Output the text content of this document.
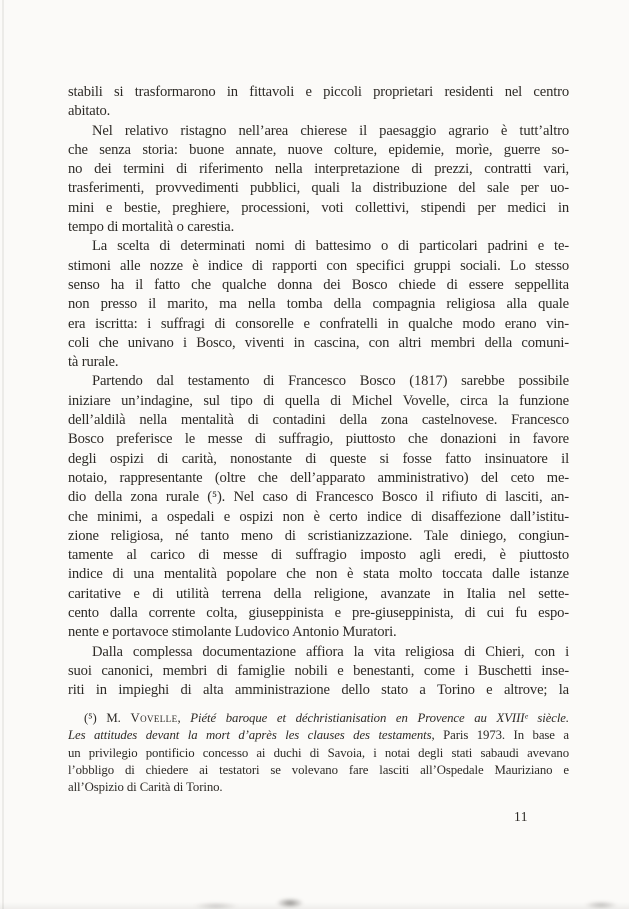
stabili si trasformarono in fittavoli e piccoli proprietari residenti nel centro
abitato.

Nel relativo ristagno nell’area chierese il paesaggio agrario è tutt’altro
che senza storia: buone annate, nuove colture, epidemie, morìe, guerre so-
no dei termini di riferimento nella interpretazione di prezzi, contratti vari,
trasferimenti, provvedimenti pubblici, quali la distribuzione del sale per uo-
mini e bestie, preghiere, processioni, voti collettivi, stipendi per medici in
tempo di mortalità o carestia.

La scelta di determinati nomi di battesimo o di particolari padrini e te-
stimoni alle nozze è indice di rapporti con specifici gruppi sociali. Lo stesso
senso ha il fatto che qualche donna dei Bosco chiede di essere seppellita
non presso il marito, ma nella tomba della compagnia religiosa alla quale
era iscritta: i suffragi di consorelle e confratelli in qualche modo erano vin-
coli che univano i Bosco, viventi in cascina, con altri membri della comuni-
tà rurale.

Partendo dal testamento di Francesco Bosco (1817) sarebbe possibile
iniziare un’indagine, sul tipo di quella di Michel Vovelle, circa la funzione
dell’aldilà nella mentalità di contadini della zona castelnovese. Francesco
Bosco preferisce le messe di suffragio, piuttosto che donazioni in favore
degli ospizi di carità, nonostante di queste si fosse fatto insinuatore il
notaio, rappresentante (oltre che dell’apparato amministrativo) del ceto me-
dio della zona rurale (⁵). Nel caso di Francesco Bosco il rifiuto di lasciti, an-
che minimi, a ospedali e ospizi non è certo indice di disaffezione dall’istitu-
zione religiosa, né tanto meno di scristianizzazione. Tale diniego, congiun-
tamente al carico di messe di suffragio imposto agli eredi, è piuttosto
indice di una mentalità popolare che non è stata molto toccata dalle istanze
caritative e di utilità terrena della religione, avanzate in Italia nel sette-
cento dalla corrente colta, giuseppinista e pre-giuseppinista, di cui fu espo-
nente e portavoce stimolante Ludovico Antonio Muratori.

Dalla complessa documentazione affiora la vita religiosa di Chieri, con i
suoi canonici, membri di famiglie nobili e benestanti, come i Buschetti inse-
riti in impieghi di alta amministrazione dello stato a Torino e altrove; la

(⁵) M. Vovelle, Piété baroque et déchristianisation en Provence au XVIIIᵉ siècle.
Les attitudes devant la mort d’après les clauses des testaments, Paris 1973. In base a
un privilegio pontificio concesso ai duchi di Savoia, i notai degli stati sabaudi avevano
l’obbligo di chiedere ai testatori se volevano fare lasciti all’Ospedale Mauriziano e
all’Ospizio di Carità di Torino.
11
